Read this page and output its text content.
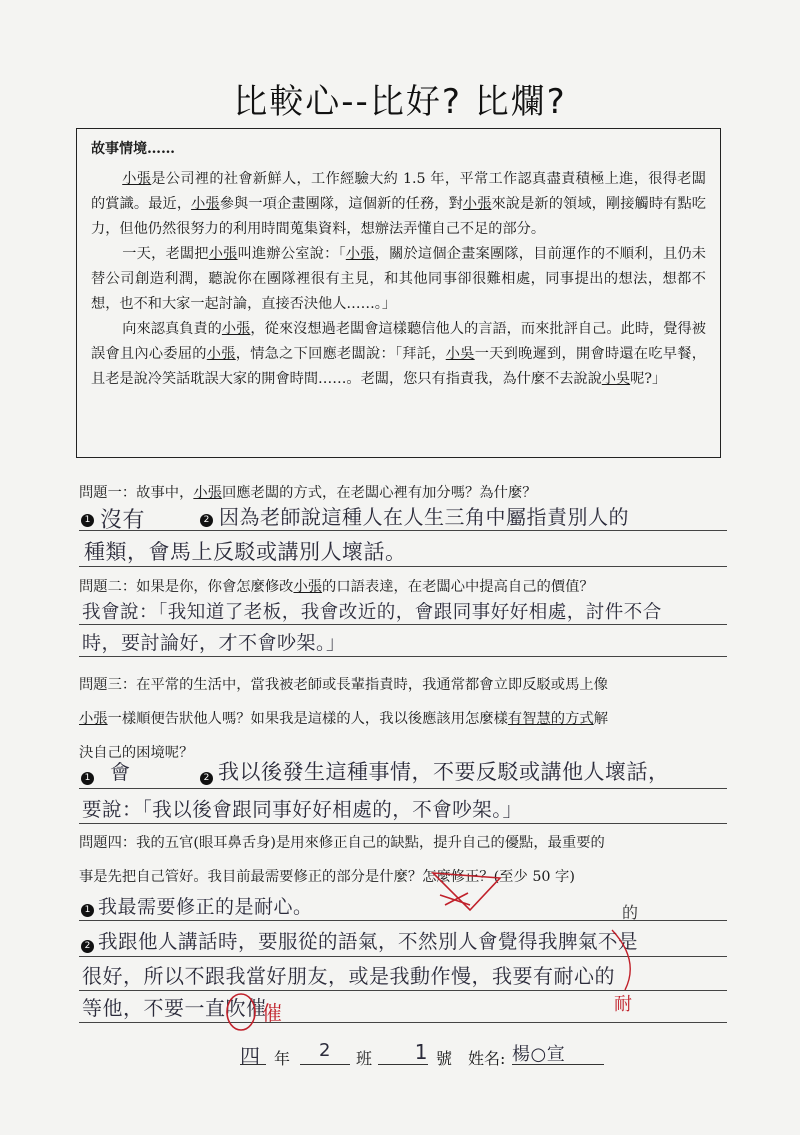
比較心--比好? 比爛?
故事情境……

小張是公司裡的社會新鮮人，工作經驗大約 1.5 年，平常工作認真盡責積極上進，很得老闆的賞識。最近，小張參與一項企畫團隊，這個新的任務，對小張來說是新的領域，剛接觸時有點吃力，但他仍然很努力的利用時間蒐集資料，想辦法弄懂自己不足的部分。

一天，老闆把小張叫進辦公室說：「小張，關於這個企畫案團隊，目前運作的不順利，且仍未替公司創造利潤，聽說你在團隊裡很有主見，和其他同事卻很難相處，同事提出的想法，想都不想，也不和大家一起討論，直接否決他人……。」

向來認真負責的小張，從來沒想過老闆會這樣聽信他人的言語，而來批評自己。此時，覺得被誤會且內心委屈的小張，情急之下回應老闆說：「拜託，小吳一天到晚遲到，開會時還在吃早餐，且老是說冷笑話耽誤大家的開會時間……。老闆，您只有指責我，為什麼不去說說小吳呢?」

問題一：故事中，小張回應老闆的方式，在老闆心裡有加分嗎？為什麼？
1 沒有	2 因為老師說這種人在人生三角中屬指責別人的
種類，會馬上反駁或講別人壞話。
問題二：如果是你，你會怎麼修改小張的口語表達，在老闆心中提高自己的價值？
我會說：「我知道了老板，我會改近的，會跟同事好好相處，討件不合
時，要討論好，才不會吵架。」
問題三：在平常的生活中，當我被老師或長輩指責時，我通常都會立即反駁或馬上像
小張一樣順便告狀他人嗎？如果我是這樣的人，我以後應該用怎麼樣有智慧的方式解
決自己的困境呢？
1 會	2 我以後發生這種事情，不要反駁或講他人壞話，
要說：「我以後會跟同事好好相處的，不會吵架。」
問題四：我的五官(眼耳鼻舌身)是用來修正自己的缺點，提升自己的優點，最重要的
事是先把自己管好。我目前最需要修正的部分是什麼？怎麼修正？(至少 50 字)
1 我最需要修正的是耐心。
2 我跟他人講話時，要服從的語氣，不然別人會覺得我脾氣不是
很好，所以不跟我當好朋友，或是我動作慢，我要有耐心的
等他，不要一直吹催
的
耐
催
四 年	2	班	1 號 姓名: 楊○宣
